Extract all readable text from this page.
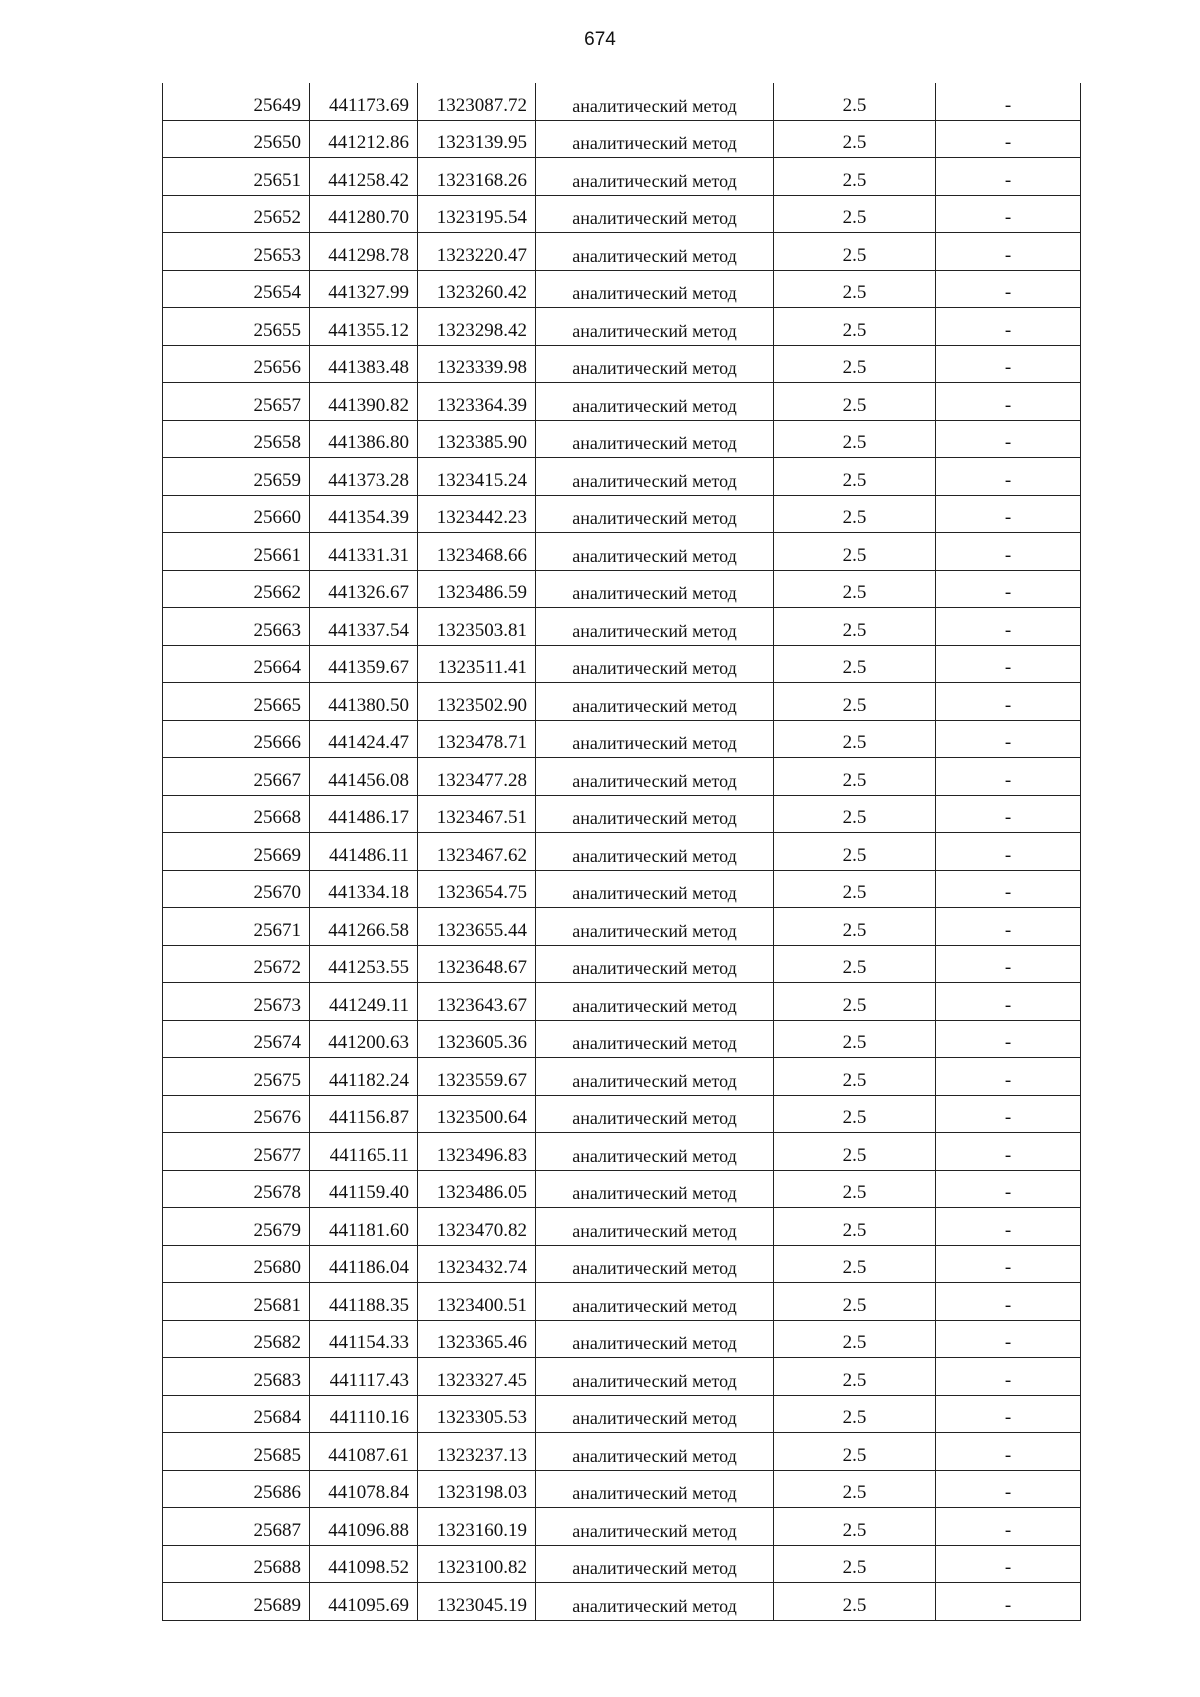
674
25649	441173.69	1323087.72	аналитический метод	2.5	-
25650	441212.86	1323139.95	аналитический метод	2.5	-
25651	441258.42	1323168.26	аналитический метод	2.5	-
25652	441280.70	1323195.54	аналитический метод	2.5	-
25653	441298.78	1323220.47	аналитический метод	2.5	-
25654	441327.99	1323260.42	аналитический метод	2.5	-
25655	441355.12	1323298.42	аналитический метод	2.5	-
25656	441383.48	1323339.98	аналитический метод	2.5	-
25657	441390.82	1323364.39	аналитический метод	2.5	-
25658	441386.80	1323385.90	аналитический метод	2.5	-
25659	441373.28	1323415.24	аналитический метод	2.5	-
25660	441354.39	1323442.23	аналитический метод	2.5	-
25661	441331.31	1323468.66	аналитический метод	2.5	-
25662	441326.67	1323486.59	аналитический метод	2.5	-
25663	441337.54	1323503.81	аналитический метод	2.5	-
25664	441359.67	1323511.41	аналитический метод	2.5	-
25665	441380.50	1323502.90	аналитический метод	2.5	-
25666	441424.47	1323478.71	аналитический метод	2.5	-
25667	441456.08	1323477.28	аналитический метод	2.5	-
25668	441486.17	1323467.51	аналитический метод	2.5	-
25669	441486.11	1323467.62	аналитический метод	2.5	-
25670	441334.18	1323654.75	аналитический метод	2.5	-
25671	441266.58	1323655.44	аналитический метод	2.5	-
25672	441253.55	1323648.67	аналитический метод	2.5	-
25673	441249.11	1323643.67	аналитический метод	2.5	-
25674	441200.63	1323605.36	аналитический метод	2.5	-
25675	441182.24	1323559.67	аналитический метод	2.5	-
25676	441156.87	1323500.64	аналитический метод	2.5	-
25677	441165.11	1323496.83	аналитический метод	2.5	-
25678	441159.40	1323486.05	аналитический метод	2.5	-
25679	441181.60	1323470.82	аналитический метод	2.5	-
25680	441186.04	1323432.74	аналитический метод	2.5	-
25681	441188.35	1323400.51	аналитический метод	2.5	-
25682	441154.33	1323365.46	аналитический метод	2.5	-
25683	441117.43	1323327.45	аналитический метод	2.5	-
25684	441110.16	1323305.53	аналитический метод	2.5	-
25685	441087.61	1323237.13	аналитический метод	2.5	-
25686	441078.84	1323198.03	аналитический метод	2.5	-
25687	441096.88	1323160.19	аналитический метод	2.5	-
25688	441098.52	1323100.82	аналитический метод	2.5	-
25689	441095.69	1323045.19	аналитический метод	2.5	-
